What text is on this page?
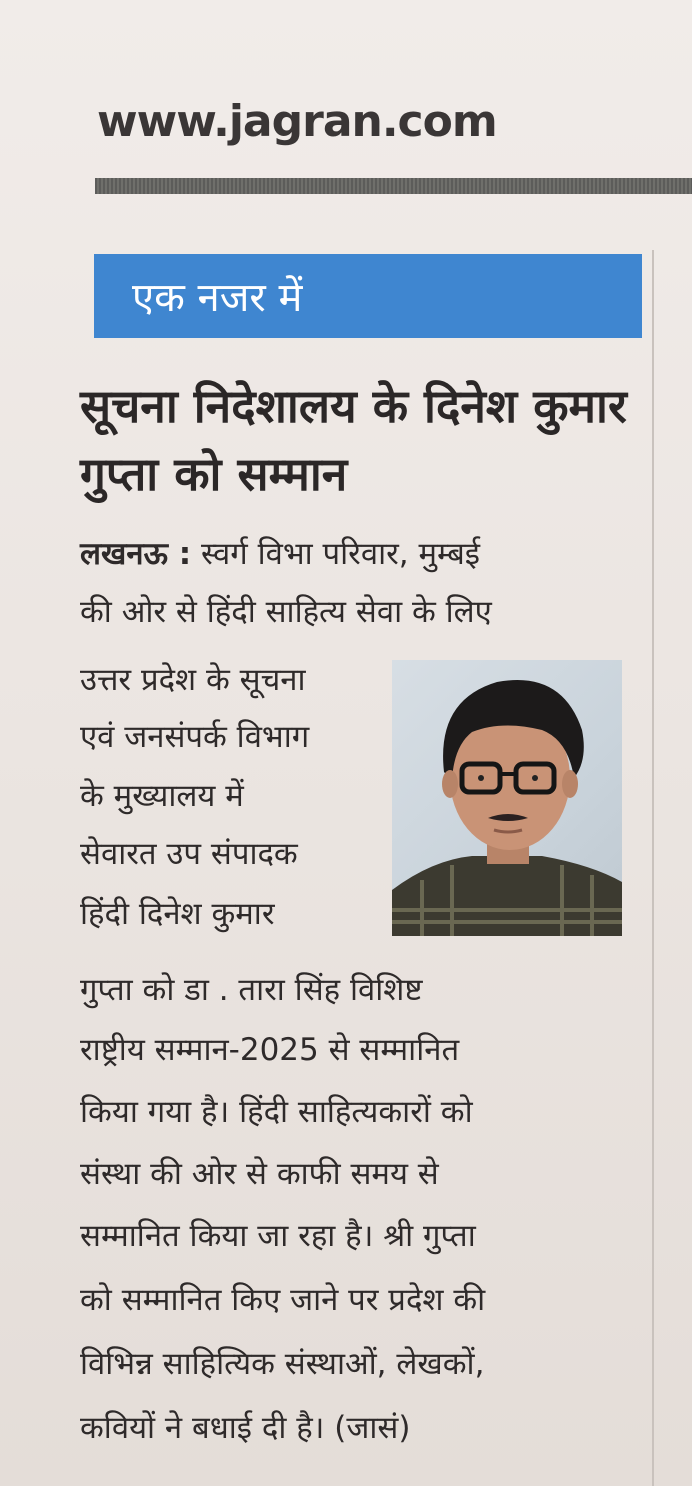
www.jagran.com
एक नजर में
सूचना निदेशालय के दिनेश कुमार गुप्ता को सम्मान
लखनऊ : स्वर्ग विभा परिवार, मुम्बई
की ओर से हिंदी साहित्य सेवा के लिए
उत्तर प्रदेश के सूचना
एवं जनसंपर्क विभाग
के मुख्यालय में
सेवारत उप संपादक
हिंदी दिनेश कुमार
गुप्ता को डा . तारा सिंह विशिष्ट
राष्ट्रीय सम्मान-2025 से सम्मानित
किया गया है। हिंदी साहित्यकारों को
संस्था की ओर से काफी समय से
सम्मानित किया जा रहा है। श्री गुप्ता
को सम्मानित किए जाने पर प्रदेश की
विभिन्न साहित्यिक संस्थाओं, लेखकों,
कवियों ने बधाई दी है। (जासं)
